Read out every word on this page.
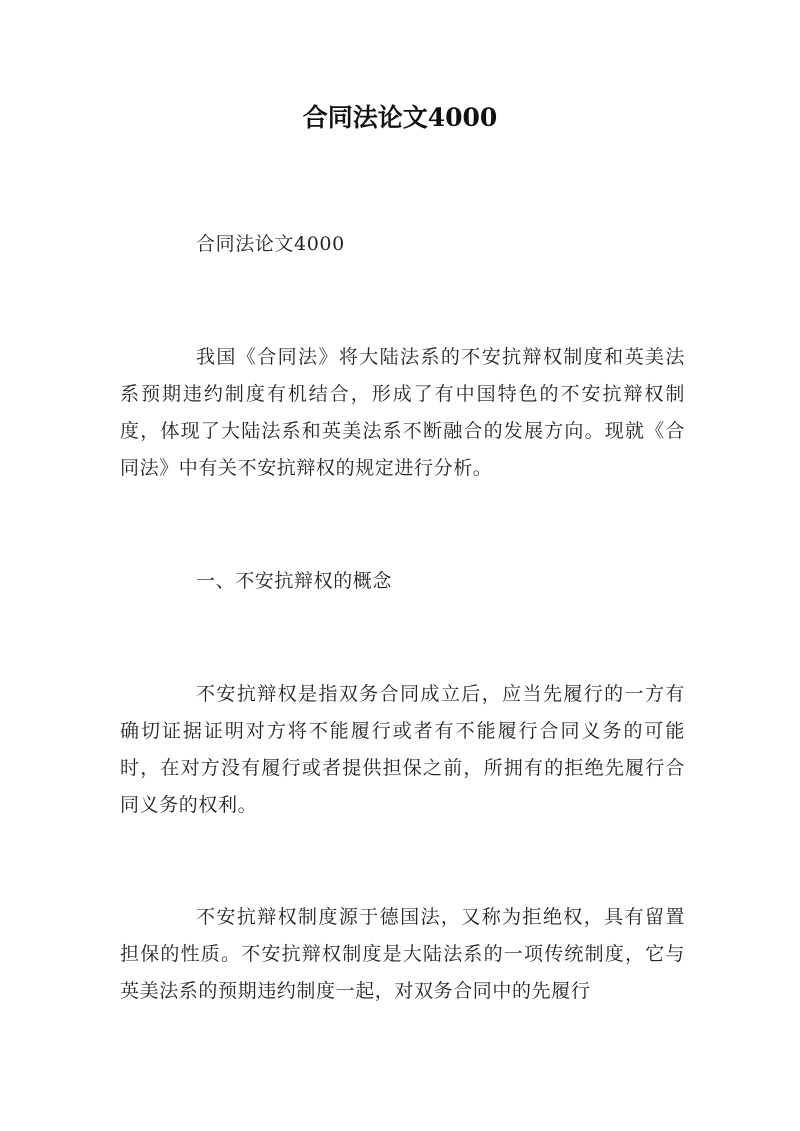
合同法论文4000

合同法论文4000

我国《合同法》将大陆法系的不安抗辩权制度和英美法系预期违约制度有机结合，形成了有中国特色的不安抗辩权制度，体现了大陆法系和英美法系不断融合的发展方向。现就《合同法》中有关不安抗辩权的规定进行分析。

一、不安抗辩权的概念

不安抗辩权是指双务合同成立后，应当先履行的一方有确切证据证明对方将不能履行或者有不能履行合同义务的可能时，在对方没有履行或者提供担保之前，所拥有的拒绝先履行合同义务的权利。

不安抗辩权制度源于德国法，又称为拒绝权，具有留置担保的性质。不安抗辩权制度是大陆法系的一项传统制度，它与英美法系的预期违约制度一起，对双务合同中的先履行
